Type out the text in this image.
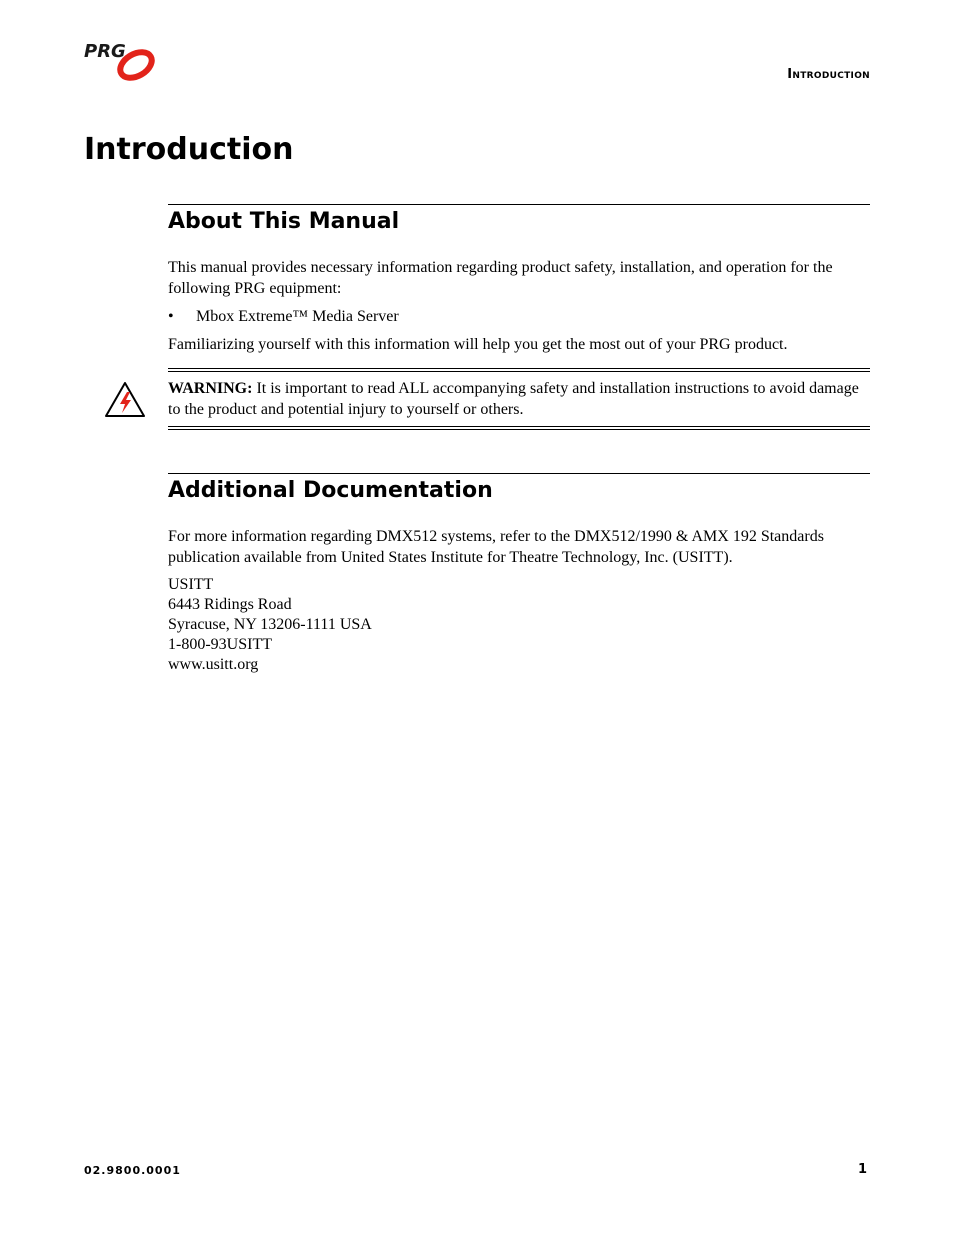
PRG
Introduction
Introduction
About This Manual

This manual provides necessary information regarding product safety, installation, and operation for the following PRG equipment:

•	Mbox Extreme™ Media Server

Familiarizing yourself with this information will help you get the most out of your PRG product.

WARNING: It is important to read ALL accompanying safety and installation instructions to avoid damage to the product and potential injury to yourself or others.

Additional Documentation

For more information regarding DMX512 systems, refer to the DMX512/1990 & AMX 192 Standards publication available from United States Institute for Theatre Technology, Inc. (USITT).

USITT
6443 Ridings Road
Syracuse, NY 13206-1111 USA
1-800-93USITT
www.usitt.org
02.9800.0001	1
